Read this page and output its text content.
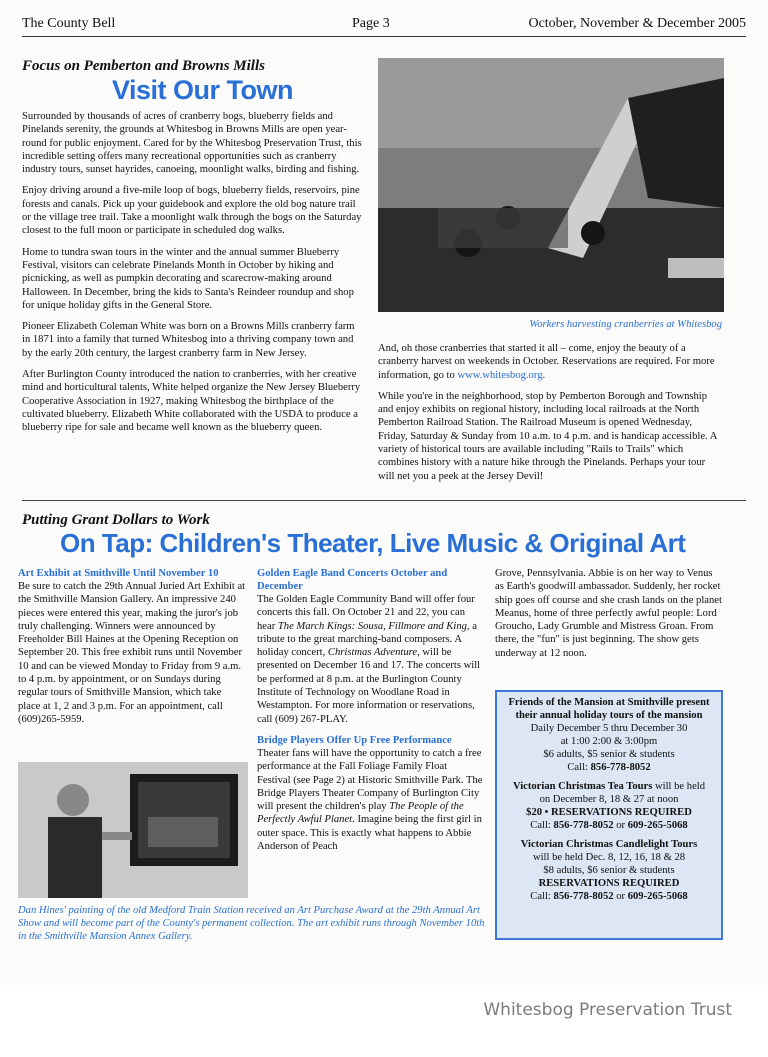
The County Bell	Page 3	October, November & December 2005
Focus on Pemberton and Browns Mills
Visit Our Town

Surrounded by thousands of acres of cranberry bogs, blueberry fields and Pinelands serenity, the grounds at Whitesbog in Browns Mills are open year-round for public enjoyment. Cared for by the Whitesbog Preservation Trust, this incredible setting offers many recreational opportunities such as cranberry industry tours, sunset hayrides, canoeing, moonlight walks, birding and fishing.

Enjoy driving around a five-mile loop of bogs, blueberry fields, reservoirs, pine forests and canals. Pick up your guidebook and explore the old bog nature trail or the village tree trail. Take a moonlight walk through the bogs on the Saturday closest to the full moon or participate in scheduled dog walks.

Home to tundra swan tours in the winter and the annual summer Blueberry Festival, visitors can celebrate Pinelands Month in October by hiking and picnicking, as well as pumpkin decorating and scarecrow-making around Halloween. In December, bring the kids to Santa's Reindeer roundup and shop for unique holiday gifts in the General Store.

Pioneer Elizabeth Coleman White was born on a Browns Mills cranberry farm in 1871 into a family that turned Whitesbog into a thriving company town and by the early 20th century, the largest cranberry farm in New Jersey.

After Burlington County introduced the nation to cranberries, with her creative mind and horticultural talents, White helped organize the New Jersey Blueberry Cooperative Association in 1927, making Whitesbog the birthplace of the cultivated blueberry. Elizabeth White collaborated with the USDA to produce a blueberry ripe for sale and became well known as the blueberry queen.

Workers harvesting cranberries at Whitesbog

And, oh those cranberries that started it all – come, enjoy the beauty of a cranberry harvest on weekends in October. Reservations are required. For more information, go to www.whitesbog.org.

While you're in the neighborhood, stop by Pemberton Borough and Township and enjoy exhibits on regional history, including local railroads at the North Pemberton Railroad Station. The Railroad Museum is opened Wednesday, Friday, Saturday & Sunday from 10 a.m. to 4 p.m. and is handicap accessible. A variety of historical tours are available including "Rails to Trails" which combines history with a nature hike through the Pinelands. Perhaps your tour will net you a peek at the Jersey Devil!

Putting Grant Dollars to Work
On Tap: Children's Theater, Live Music & Original Art
Art Exhibit at Smithville Until November 10

Be sure to catch the 29th Annual Juried Art Exhibit at the Smithville Mansion Gallery. An impressive 240 pieces were entered this year, making the juror's job truly challenging. Winners were announced by Freeholder Bill Haines at the Opening Reception on September 20. This free exhibit runs until November 10 and can be viewed Monday to Friday from 9 a.m. to 4 p.m. by appointment, or on Sundays during regular tours of Smithville Mansion, which take place at 1, 2 and 3 p.m. For an appointment, call (609)265-5959.

Dan Hines' painting of the old Medford Train Station received an Art Purchase Award at the 29th Annual Art Show and will become part of the County's permanent collection. The art exhibit runs through November 10th in the Smithville Mansion Annex Gallery.
Golden Eagle Band Concerts October and December

The Golden Eagle Community Band will offer four concerts this fall. On October 21 and 22, you can hear The March Kings: Sousa, Fillmore and King, a tribute to the great marching-band composers. A holiday concert, Christmas Adventure, will be presented on December 16 and 17. The concerts will be performed at 8 p.m. at the Burlington County Institute of Technology on Woodlane Road in Westampton. For more information or reservations, call (609) 267-PLAY.

Bridge Players Offer Up Free Performance

Theater fans will have the opportunity to catch a free performance at the Fall Foliage Family Float Festival (see Page 2) at Historic Smithville Park. The Bridge Players Theater Company of Burlington City will present the children's play The People of the Perfectly Awful Planet. Imagine being the first girl in outer space. This is exactly what happens to Abbie Anderson of Peach

Grove, Pennsylvania. Abbie is on her way to Venus as Earth's goodwill ambassador. Suddenly, her rocket ship goes off course and she crash lands on the planet Meanus, home of three perfectly awful people: Lord Groucho, Lady Grumble and Mistress Groan. From there, the "fun" is just beginning. The show gets underway at 12 noon.

Friends of the Mansion at Smithville present their annual holiday tours of the mansion
Daily December 5 thru December 30
at 1:00 2:00 & 3:00pm
$6 adults, $5 senior & students
Call: 856-778-8052
Victorian Christmas Tea Tours will be held
on December 8, 18 & 27 at noon
$20 • RESERVATIONS REQUIRED
Call: 856-778-8052 or 609-265-5068
Victorian Christmas Candlelight Tours
will be held Dec. 8, 12, 16, 18 & 28
$8 adults, $6 senior & students
RESERVATIONS REQUIRED
Call: 856-778-8052 or 609-265-5068
Whitesbog Preservation Trust
